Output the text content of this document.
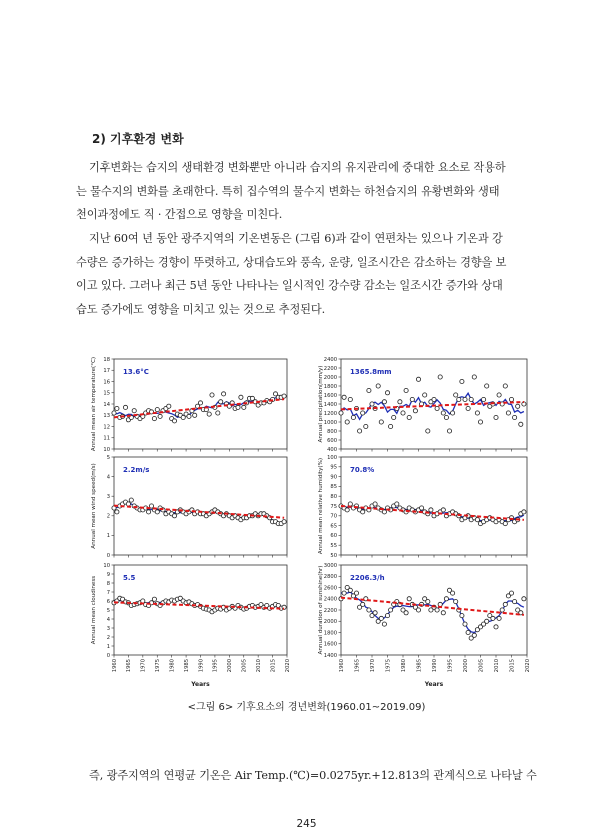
2) 기후환경 변화

기후변화는 습지의 생태환경 변화뿐만 아니라 습지의 유지관리에 중대한 요소로 작용하
는 물수지의 변화를 초래한다. 특히 집수역의 물수지 변화는 하천습지의 유황변화와 생태
천이과정에도 직 · 간접으로 영향을 미친다.

지난 60여 년 동안 광주지역의 기온변동은 (그림 6)과 같이 연편차는 있으나 기온과 강
수량은 증가하는 경향이 뚜렷하고, 상대습도와 풍속, 운량, 일조시간은 감소하는 경향을 보
이고 있다. 그러나 최근 5년 동안 나타나는 일시적인 강수량 감소는 일조시간 증가와 상대
습도 증가에도 영향을 미치고 있는 것으로 추정된다.

10
11
12
13
14
15
16
17
18
Annual mean air temperature(°C)	13.6°C
400
600
800
1000
1200
1400
1600
1800
2000
2200
2400
Annual precipitation(mm/y)	1365.8mm
0
1
2
3
4
5
Annual mean wind speed(m/s)	2.2m/s
50
55
60
65
70
75
80
85
90
95
100
Annual mean relative humidity(%)	70.8%
0
1
2
3
4
5
6
7
8
9
10
1960 1965 1970 1975 1980 1985 1990 1995 2000 2005 2010 2015 2020
Annual mean cloudiness
Years
5.5
1400
1600
1800
2000
2200
2400
2600
2800
3000
1960 1965 1970 1975 1980 1985 1990 1995 2000 2005 2010 2015 2020
Annual duration of sunshine(hr)
Years
2206.3/h

<그림 6> 기후요소의 경년변화(1960.01~2019.09)

즉, 광주지역의 연평균 기온은 Air Temp.(℃)=0.0275yr.+12.813의 관계식으로 나타날 수

245
